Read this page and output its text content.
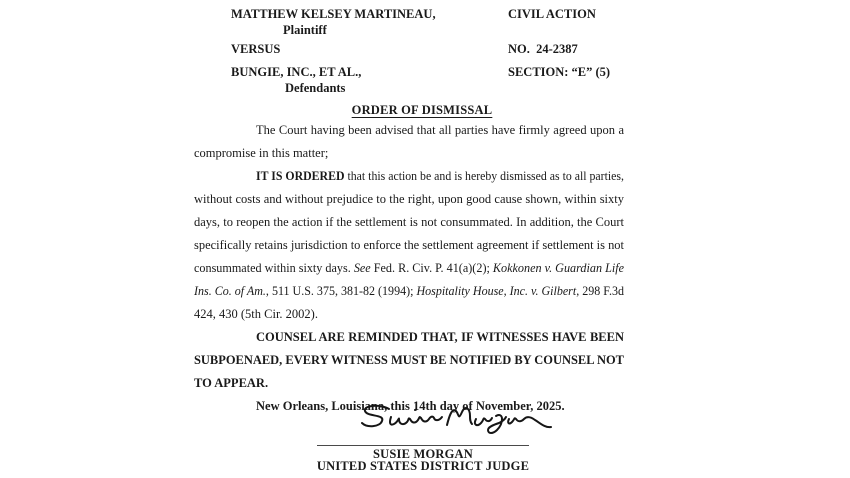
MATTHEW KELSEY MARTINEAU,
Plaintiff
CIVIL ACTION
VERSUS	NO.  24-2387
BUNGIE, INC., ET AL.,
Defendants
SECTION: “E” (5)
ORDER OF DISMISSAL
The Court having been advised that all parties have firmly agreed upon a
compromise in this matter;
IT IS ORDERED that this action be and is hereby dismissed as to all parties,
without costs and without prejudice to the right, upon good cause shown, within sixty
days, to reopen the action if the settlement is not consummated. In addition, the Court
specifically retains jurisdiction to enforce the settlement agreement if settlement is not
consummated within sixty days. See Fed. R. Civ. P. 41(a)(2); Kokkonen v. Guardian Life
Ins. Co. of Am., 511 U.S. 375, 381-82 (1994); Hospitality House, Inc. v. Gilbert, 298 F.3d
424, 430 (5th Cir. 2002).
COUNSEL ARE REMINDED THAT, IF WITNESSES HAVE BEEN
SUBPOENAED, EVERY WITNESS MUST BE NOTIFIED BY COUNSEL NOT
TO APPEAR.
New Orleans, Louisiana, this 14th day of November, 2025.
SUSIE MORGAN
UNITED STATES DISTRICT JUDGE
